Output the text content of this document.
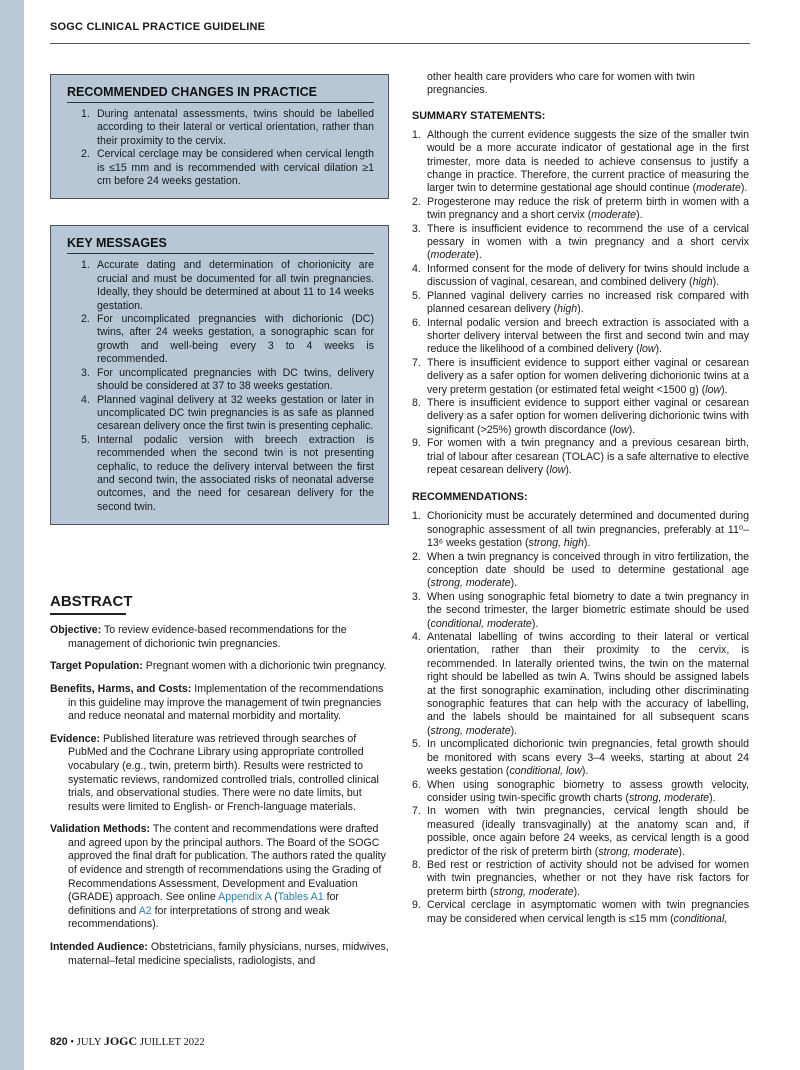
SOGC CLINICAL PRACTICE GUIDELINE
RECOMMENDED CHANGES IN PRACTICE
1. During antenatal assessments, twins should be labelled according to their lateral or vertical orientation, rather than their proximity to the cervix.
2. Cervical cerclage may be considered when cervical length is ≤15 mm and is recommended with cervical dilation ≥1 cm before 24 weeks gestation.
KEY MESSAGES
1. Accurate dating and determination of chorionicity are crucial and must be documented for all twin pregnancies. Ideally, they should be determined at about 11 to 14 weeks gestation.
2. For uncomplicated pregnancies with dichorionic (DC) twins, after 24 weeks gestation, a sonographic scan for growth and well-being every 3 to 4 weeks is recommended.
3. For uncomplicated pregnancies with DC twins, delivery should be considered at 37 to 38 weeks gestation.
4. Planned vaginal delivery at 32 weeks gestation or later in uncomplicated DC twin pregnancies is as safe as planned cesarean delivery once the first twin is presenting cephalic.
5. Internal podalic version with breech extraction is recommended when the second twin is not presenting cephalic, to reduce the delivery interval between the first and second twin, the associated risks of neonatal adverse outcomes, and the need for cesarean delivery for the second twin.
ABSTRACT
Objective: To review evidence-based recommendations for the management of dichorionic twin pregnancies.
Target Population: Pregnant women with a dichorionic twin pregnancy.
Benefits, Harms, and Costs: Implementation of the recommendations in this guideline may improve the management of twin pregnancies and reduce neonatal and maternal morbidity and mortality.
Evidence: Published literature was retrieved through searches of PubMed and the Cochrane Library using appropriate controlled vocabulary (e.g., twin, preterm birth). Results were restricted to systematic reviews, randomized controlled trials, controlled clinical trials, and observational studies. There were no date limits, but results were limited to English- or French-language materials.
Validation Methods: The content and recommendations were drafted and agreed upon by the principal authors. The Board of the SOGC approved the final draft for publication. The authors rated the quality of evidence and strength of recommendations using the Grading of Recommendations Assessment, Development and Evaluation (GRADE) approach. See online Appendix A (Tables A1 for definitions and A2 for interpretations of strong and weak recommendations).
Intended Audience: Obstetricians, family physicians, nurses, midwives, maternal–fetal medicine specialists, radiologists, and
other health care providers who care for women with twin pregnancies.
SUMMARY STATEMENTS:
1. Although the current evidence suggests the size of the smaller twin would be a more accurate indicator of gestational age in the first trimester, more data is needed to achieve consensus to justify a change in practice. Therefore, the current practice of measuring the larger twin to determine gestational age should continue (moderate).
2. Progesterone may reduce the risk of preterm birth in women with a twin pregnancy and a short cervix (moderate).
3. There is insufficient evidence to recommend the use of a cervical pessary in women with a twin pregnancy and a short cervix (moderate).
4. Informed consent for the mode of delivery for twins should include a discussion of vaginal, cesarean, and combined delivery (high).
5. Planned vaginal delivery carries no increased risk compared with planned cesarean delivery (high).
6. Internal podalic version and breech extraction is associated with a shorter delivery interval between the first and second twin and may reduce the likelihood of a combined delivery (low).
7. There is insufficient evidence to support either vaginal or cesarean delivery as a safer option for women delivering dichorionic twins at a very preterm gestation (or estimated fetal weight <1500 g) (low).
8. There is insufficient evidence to support either vaginal or cesarean delivery as a safer option for women delivering dichorionic twins with significant (>25%) growth discordance (low).
9. For women with a twin pregnancy and a previous cesarean birth, trial of labour after cesarean (TOLAC) is a safe alternative to elective repeat cesarean delivery (low).
RECOMMENDATIONS:
1. Chorionicity must be accurately determined and documented during sonographic assessment of all twin pregnancies, preferably at 11⁰–13⁶ weeks gestation (strong, high).
2. When a twin pregnancy is conceived through in vitro fertilization, the conception date should be used to determine gestational age (strong, moderate).
3. When using sonographic fetal biometry to date a twin pregnancy in the second trimester, the larger biometric estimate should be used (conditional, moderate).
4. Antenatal labelling of twins according to their lateral or vertical orientation, rather than their proximity to the cervix, is recommended. In laterally oriented twins, the twin on the maternal right should be labelled as twin A. Twins should be assigned labels at the first sonographic examination, including other discriminating sonographic features that can help with the accuracy of labelling, and the labels should be maintained for all subsequent scans (strong, moderate).
5. In uncomplicated dichorionic twin pregnancies, fetal growth should be monitored with scans every 3–4 weeks, starting at about 24 weeks gestation (conditional, low).
6. When using sonographic biometry to assess growth velocity, consider using twin-specific growth charts (strong, moderate).
7. In women with twin pregnancies, cervical length should be measured (ideally transvaginally) at the anatomy scan and, if possible, once again before 24 weeks, as cervical length is a good predictor of the risk of preterm birth (strong, moderate).
8. Bed rest or restriction of activity should not be advised for women with twin pregnancies, whether or not they have risk factors for preterm birth (strong, moderate).
9. Cervical cerclage in asymptomatic women with twin pregnancies may be considered when cervical length is ≤15 mm (conditional,
820 • JULY JOGC JUILLET 2022
